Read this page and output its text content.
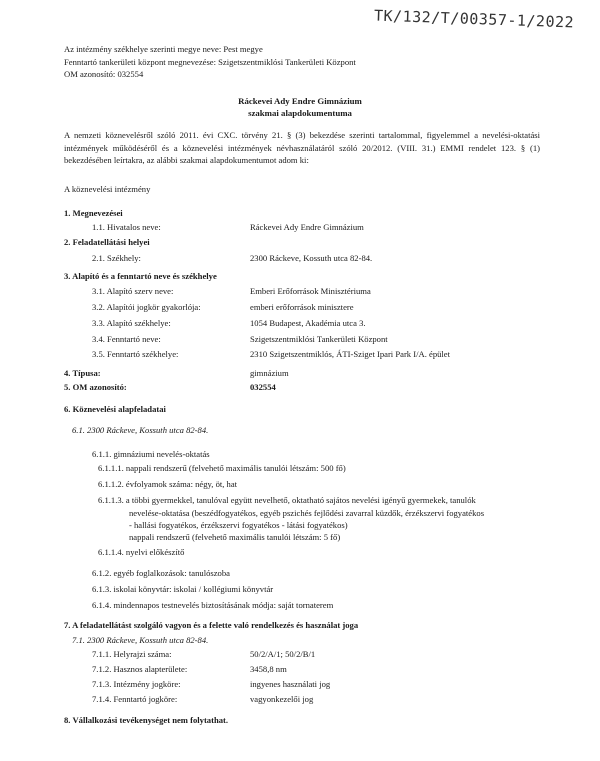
TK/132/T/00357-1/2022
Az intézmény székhelye szerinti megye neve: Pest megye
Fenntartó tankerületi központ megnevezése: Szigetszentmiklósi Tankerületi Központ
OM azonosító: 032554
Ráckevei Ady Endre Gimnázium
szakmai alapdokumentuma
A nemzeti köznevelésről szóló 2011. évi CXC. törvény 21. § (3) bekezdése szerinti tartalommal, figyelemmel a nevelési-oktatási intézmények működéséről és a köznevelési intézmények névhasználatáról szóló 20/2012. (VIII. 31.) EMMI rendelet 123. § (1) bekezdésében leírtakra, az alábbi szakmai alapdokumentumot adom ki:
A köznevelési intézmény
1. Megnevezései
1.1. Hivatalos neve:	Ráckevei Ady Endre Gimnázium
2. Feladatellátási helyei
2.1. Székhely:	2300 Ráckeve, Kossuth utca 82-84.
3. Alapító és a fenntartó neve és székhelye
3.1. Alapító szerv neve:	Emberi Erőforrások Minisztériuma
3.2. Alapítói jogkör gyakorlója:	emberi erőforrások minisztere
3.3. Alapító székhelye:	1054 Budapest, Akadémia utca 3.
3.4. Fenntartó neve:	Szigetszentmiklósi Tankerületi Központ
3.5. Fenntartó székhelye:	2310 Szigetszentmiklós, ÁTI-Sziget Ipari Park I/A. épület
4. Típusa:	gimnázium
5. OM azonosító:	032554
6. Köznevelési alapfeladatai
6.1. 2300 Ráckeve, Kossuth utca 82-84.
6.1.1. gimnáziumi nevelés-oktatás
6.1.1.1. nappali rendszerű (felvehető maximális tanulói létszám: 500 fő)
6.1.1.2. évfolyamok száma: négy, öt, hat
6.1.1.3. a többi gyermekkel, tanulóval együtt nevelhető, oktatható sajátos nevelési igényű gyermekek, tanulók
nevelése-oktatása (beszédfogyatékos, egyéb pszichés fejlődési zavarral küzdők, érzékszervi fogyatékos
- hallási fogyatékos, érzékszervi fogyatékos - látási fogyatékos)
nappali rendszerű (felvehető maximális tanulói létszám: 5 fő)
6.1.1.4. nyelvi előkészítő
6.1.2. egyéb foglalkozások: tanulószoba
6.1.3. iskolai könyvtár: iskolai / kollégiumi könyvtár
6.1.4. mindennapos testnevelés biztosításának módja: saját tornaterem
7. A feladatellátást szolgáló vagyon és a felette való rendelkezés és használat joga
7.1. 2300 Ráckeve, Kossuth utca 82-84.
7.1.1. Helyrajzi száma:	50/2/A/1; 50/2/B/1
7.1.2. Hasznos alapterülete:	3458,8 nm
7.1.3. Intézmény jogköre:	ingyenes használati jog
7.1.4. Fenntartó jogköre:	vagyonkezelői jog
8. Vállalkozási tevékenységet nem folytathat.
